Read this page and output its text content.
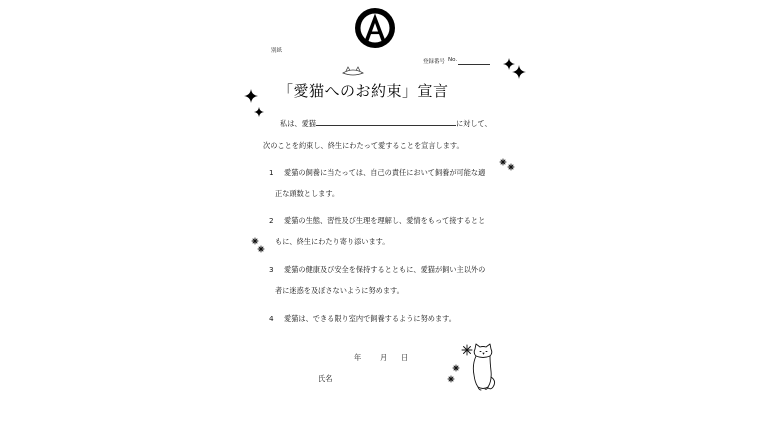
別紙
登録番号 No.
「愛猫へのお約束」宣言
私は、愛猫	に対して、
次のことを約束し、終生にわたって愛することを宣言します。
1 愛猫の飼養に当たっては、自己の責任において飼養が可能な適
正な頭数とします。
2 愛猫の生態、習性及び生理を理解し、愛情をもって接するとと
もに、終生にわたり寄り添います。
3 愛猫の健康及び安全を保持するとともに、愛猫が飼い主以外の
者に迷惑を及ぼさないように努めます。
4 愛猫は、できる限り室内で飼養するように努めます。
年	月 日
氏名
